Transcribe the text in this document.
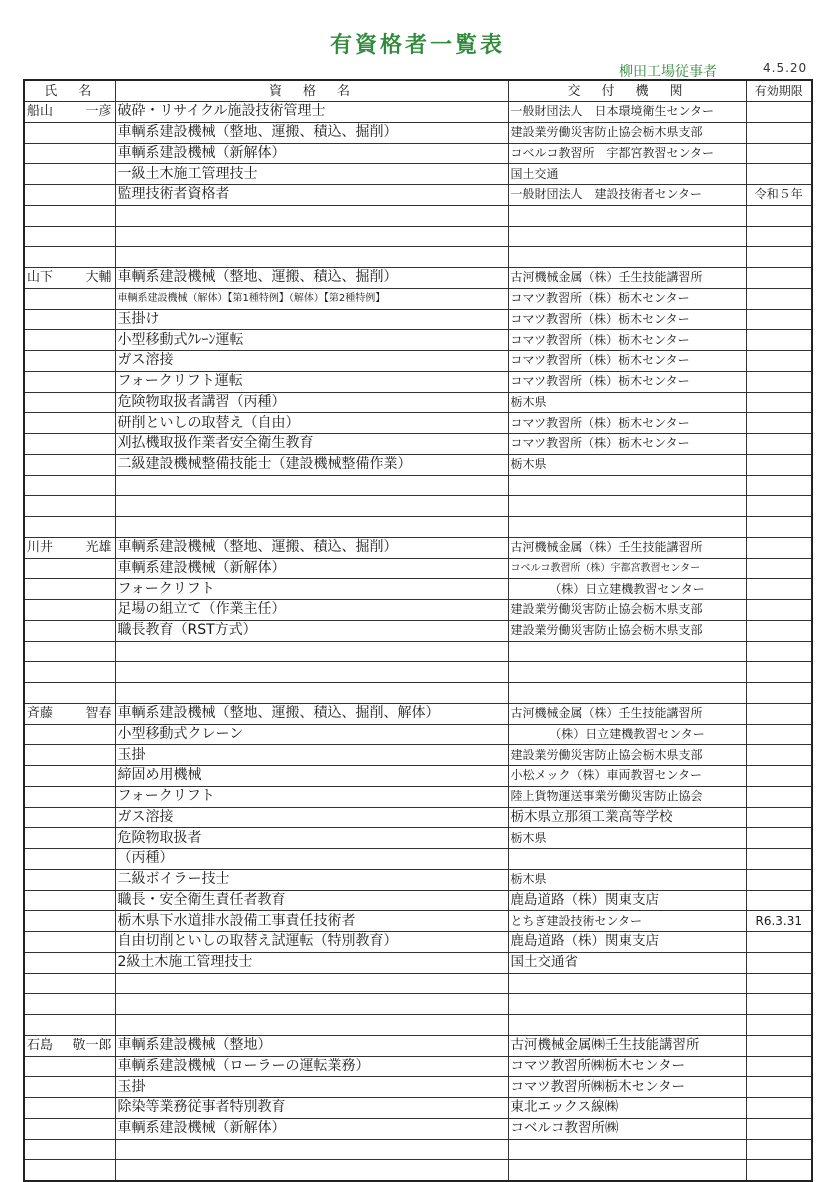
有資格者一覧表
柳田工場従事者	4.5.20
氏　名	資　格　名	交　付　機　関	有効期限

船山 一彦	破砕・リサイクル施設技術管理士	一般財団法人　日本環境衛生センター	

	車輌系建設機械（整地、運搬、積込、掘削）	建設業労働災害防止協会栃木県支部	

	車輌系建設機械（新解体）	コベルコ教習所　宇都宮教習センター	

	一級土木施工管理技士	国土交通	

	監理技術者資格者	一般財団法人　建設技術者センター	令和５年

山下 大輔	車輌系建設機械（整地、運搬、積込、掘削）	古河機械金属（株）壬生技能講習所	

	車輌系建設機械（解体）【第1種特例】（解体）【第2種特例】	コマツ教習所（株）栃木センター	

	玉掛け	コマツ教習所（株）栃木センター	

	小型移動式ｸﾚｰﾝ運転	コマツ教習所（株）栃木センター	

	ガス溶接	コマツ教習所（株）栃木センター	

	フォークリフト運転	コマツ教習所（株）栃木センター	

	危険物取扱者講習（丙種）	栃木県	

	研削といしの取替え（自由）	コマツ教習所（株）栃木センター	

	刈払機取扱作業者安全衛生教育	コマツ教習所（株）栃木センター	

	二級建設機械整備技能士（建設機械整備作業）	栃木県	

川井 光雄	車輌系建設機械（整地、運搬、積込、掘削）	古河機械金属（株）壬生技能講習所	

	車輌系建設機械（新解体）	コベルコ教習所（株）宇都宮教習センター	

	フォークリフト	（株）日立建機教習センター	

	足場の組立て（作業主任）	建設業労働災害防止協会栃木県支部	

	職長教育（RST方式）	建設業労働災害防止協会栃木県支部	

斉藤 智春	車輌系建設機械（整地、運搬、積込、掘削、解体）	古河機械金属（株）壬生技能講習所	

	小型移動式クレーン	（株）日立建機教習センター	

	玉掛	建設業労働災害防止協会栃木県支部	

	締固め用機械	小松メック（株）車両教習センター	

	フォークリフト	陸上貨物運送事業労働災害防止協会	

	ガス溶接	栃木県立那須工業高等学校	

	危険物取扱者	栃木県	

	（丙種）		

	二級ボイラー技士	栃木県	

	職長・安全衛生責任者教育	鹿島道路（株）関東支店	

	栃木県下水道排水設備工事責任技術者	とちぎ建設技術センター	R6.3.31

	自由切削といしの取替え試運転（特別教育）	鹿島道路（株）関東支店	

	2級土木施工管理技士	国土交通省	

石島 敬一郎	車輌系建設機械（整地）	古河機械金属㈱壬生技能講習所	

	車輌系建設機械（ローラーの運転業務）	コマツ教習所㈱栃木センター	

	玉掛	コマツ教習所㈱栃木センター	

	除染等業務従事者特別教育	東北エックス線㈱	

	車輌系建設機械（新解体）	コベルコ教習所㈱	
